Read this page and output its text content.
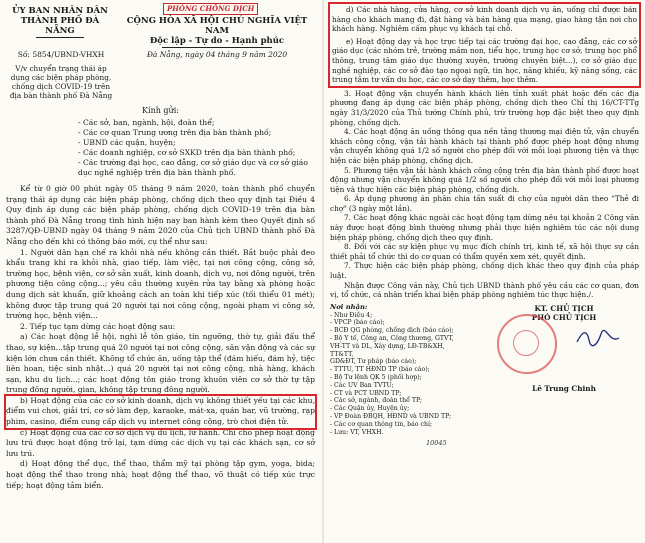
ỦY BAN NHÂN DÂN

THÀNH PHỐ ĐÀ NẴNG

PHÒNG CHỐNG DỊCH

CỘNG HÒA XÃ HỘI CHỦ NGHĨA VIỆT NAM

Độc lập - Tự do - Hạnh phúc

Số: 5854/UBND-VHXH	Đà Nẵng, ngày 04 tháng 9 năm 2020
V/v chuyển trạng thái áp dụng các biện pháp phòng, chống dịch COVID-19 trên địa bàn thành phố Đà Nẵng
Kính gửi:
- Các sở, ban, ngành, hội, đoàn thể;
- Các cơ quan Trung ương trên địa bàn thành phố;
- UBND các quận, huyện;
- Các doanh nghiệp, cơ sở SXKD trên địa bàn thành phố;
- Các trường đại học, cao đẳng, cơ sở giáo dục và cơ sở giáo dục nghề nghiệp trên địa bàn thành phố.

Kể từ 0 giờ 00 phút ngày 05 tháng 9 năm 2020, toàn thành phố chuyển trạng thái áp dụng các biện pháp phòng, chống dịch theo quy định tại Điều 4 Quy định áp dụng các biện pháp phòng, chống dịch COVID-19 trên địa bàn thành phố Đà Nẵng trong tình hình hiện nay ban hành kèm theo Quyết định số 3287/QĐ-UBND ngày 04 tháng 9 năm 2020 của Chủ tịch UBND thành phố Đà Nẵng cho đến khi có thông báo mới, cụ thể như sau:

1. Người dân hạn chế ra khỏi nhà nếu không cần thiết. Bắt buộc phải đeo khẩu trang khi ra khỏi nhà, giao tiếp, làm việc, tại nơi công cộng, công sở, trường học, bệnh viện, cơ sở sản xuất, kinh doanh, dịch vụ, nơi đông người, trên phương tiện công cộng...; yêu cầu thường xuyên rửa tay bằng xà phòng hoặc dung dịch sát khuẩn, giữ khoảng cách an toàn khi tiếp xúc (tối thiểu 01 mét); không được tập trung quá 20 người tại nơi công cộng, ngoài phạm vi công sở, trường học, bệnh viện...

2. Tiếp tục tạm dừng các hoạt động sau:

a) Các hoạt động lễ hội, nghi lễ tôn giáo, tín ngưỡng, thờ tự, giải đấu thể thao, sự kiện...tập trung quá 20 người tại nơi công cộng, sân vận động và các sự kiện lớn chưa cần thiết. Không tổ chức ăn, uống tập thể (đám hiếu, đám hỷ, tiệc liên hoan, tiệc sinh nhật...) quá 20 người tại nơi công cộng, nhà hàng, khách sạn, khu du lịch...; các hoạt động tôn giáo trong khuôn viên cơ sở thờ tự tập trung đông người, gian, không tập trung đông người.

b) Hoạt động của các cơ sở kinh doanh, dịch vụ không thiết yếu tại các khu, điểm vui chơi, giải trí, cơ sở làm đẹp, karaoke, mát-xa, quán bar, vũ trường, rạp phim, casino, điểm cung cấp dịch vụ internet công cộng, trò chơi điện tử.

c) Hoạt động của các cơ sở dịch vụ du lịch, lữ hành. Chỉ cho phép hoạt động lưu trú được hoạt động trở lại, tạm dừng các dịch vụ tại các khách sạn, cơ sở lưu trú.

d) Hoạt động thể dục, thể thao, thẩm mỹ tại phòng tập gym, yoga, bida; hoạt động thể thao trong nhà; hoạt động thể thao, võ thuật có tiếp xúc trực tiếp; hoạt động tắm biển.

d) Các nhà hàng, cửa hàng, cơ sở kinh doanh dịch vụ ăn, uống chỉ được bán hàng cho khách mang đi, đặt hàng và bán hàng qua mạng, giao hàng tận nơi cho khách hàng. Nghiêm cấm phục vụ khách tại chỗ.

e) Hoạt động dạy và học trực tiếp tại các trường đại học, cao đẳng, các cơ sở giáo dục (các nhóm trẻ, trường mầm non, tiểu học, trung học cơ sở, trung học phổ thông, trung tâm giáo dục thường xuyên, trường chuyên biệt...), cơ sở giáo dục nghề nghiệp, các cơ sở đào tạo ngoại ngữ, tin học, năng khiếu, kỹ năng sống, các trung tâm tư vấn du học, các cơ sở dạy thêm, học thêm.

3. Hoạt động vận chuyển hành khách liên tỉnh xuất phát hoặc đến các địa phương đang áp dụng các biện pháp phòng, chống dịch theo Chỉ thị 16/CT-TTg ngày 31/3/2020 của Thủ tướng Chính phủ, trừ trường hợp đặc biệt theo quy định phòng, chống dịch.

4. Các hoạt động ăn uống thông qua nền tảng thương mại điện tử, vận chuyển khách công cộng, vận tải hành khách tại thành phố được phép hoạt động nhưng vận chuyển không quá 1/2 số người cho phép đối với mỗi loại phương tiện và thực hiện các biện pháp phòng, chống dịch.

5. Phương tiện vận tải hành khách công cộng trên địa bàn thành phố được hoạt động nhưng vận chuyển không quá 1/2 số người cho phép đối với mỗi loại phương tiện và thực hiện các biện pháp phòng, chống dịch.

6. Áp dụng phương án phân chia tần suất đi chợ của người dân theo "Thẻ đi chợ" (3 ngày một lần).

7. Các hoạt động khác ngoài các hoạt động tạm dừng nêu tại khoản 2 Công văn này được hoạt động bình thường nhưng phải thực hiện nghiêm túc các nội dung biện pháp phòng, chống dịch theo quy định.

8. Đối với các sự kiện phục vụ mục đích chính trị, kinh tế, xã hội thực sự cần thiết phải tổ chức thì do cơ quan có thẩm quyền xem xét, quyết định.

7. Thực hiện các biện pháp phòng, chống dịch khác theo quy định của pháp luật.

Nhận được Công văn này, Chủ tịch UBND thành phố yêu cầu các cơ quan, đơn vị, tổ chức, cá nhân triển khai biện pháp phòng nghiêm túc thực hiện./.

Nơi nhận:
- Như Điều 4;
- VPCP (báo cáo);
- BCĐ QG phòng, chống dịch (báo cáo);
- Bộ Y tế, Công an, Công thương, GTVT,
VH-TT và DL, Xây dựng, LĐ-TB&XH, TT&TT,
GD&ĐT, Tư pháp (báo cáo);
- TTTU, TT HĐND TP (báo cáo);
- Bộ Tư lệnh QK 5 (phối hợp);
- Các UV Ban TVTU;
- CT và PCT UBND TP;
- Các sở, ngành, đoàn thể TP;
- Các Quận ủy, Huyện ủy;
- VP Đoàn ĐBQH, HĐND và UBND TP;
- Các cơ quan thông tin, báo chí;
- Lưu: VT, VHXH.
10045
KT. CHỦ TỊCH
PHÓ CHỦ TỊCH
Lê Trung Chinh
